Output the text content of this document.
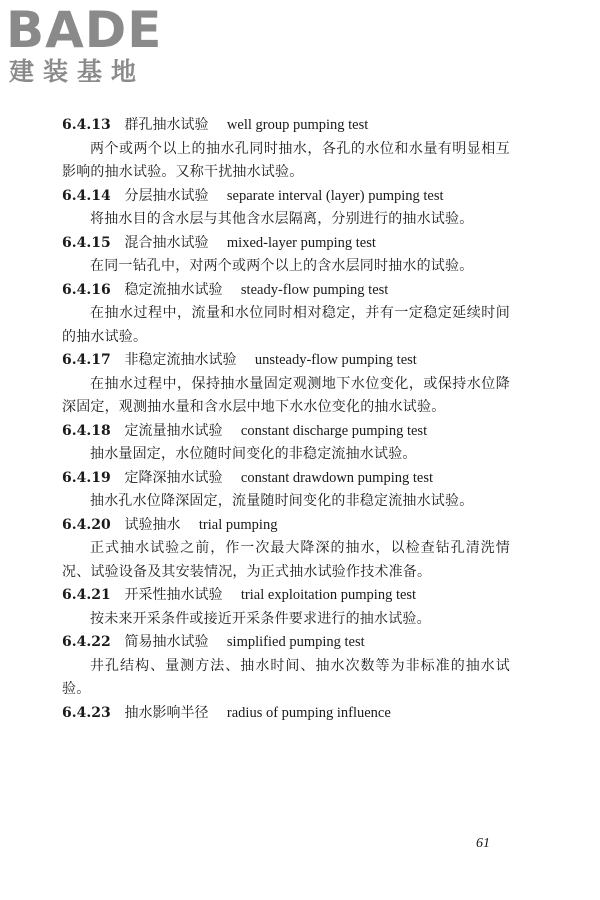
BADE
建装基地
6.4.13 群孔抽水试验 well group pumping test
两个或两个以上的抽水孔同时抽水，各孔的水位和水量有明显相互影响的抽水试验。又称干扰抽水试验。
6.4.14 分层抽水试验 separate interval (layer) pumping test
将抽水目的含水层与其他含水层隔离，分别进行的抽水试验。
6.4.15 混合抽水试验 mixed-layer pumping test
在同一钻孔中，对两个或两个以上的含水层同时抽水的试验。
6.4.16 稳定流抽水试验 steady-flow pumping test
在抽水过程中，流量和水位同时相对稳定，并有一定稳定延续时间的抽水试验。
6.4.17 非稳定流抽水试验 unsteady-flow pumping test
在抽水过程中，保持抽水量固定观测地下水位变化，或保持水位降深固定，观测抽水量和含水层中地下水水位变化的抽水试验。
6.4.18 定流量抽水试验 constant discharge pumping test
抽水量固定，水位随时间变化的非稳定流抽水试验。
6.4.19 定降深抽水试验 constant drawdown pumping test
抽水孔水位降深固定，流量随时间变化的非稳定流抽水试验。
6.4.20 试验抽水 trial pumping
正式抽水试验之前，作一次最大降深的抽水，以检查钻孔清洗情况、试验设备及其安装情况，为正式抽水试验作技术准备。
6.4.21 开采性抽水试验 trial exploitation pumping test
按未来开采条件或接近开采条件要求进行的抽水试验。
6.4.22 简易抽水试验 simplified pumping test
井孔结构、量测方法、抽水时间、抽水次数等为非标准的抽水试验。
6.4.23 抽水影响半径 radius of pumping influence
61
